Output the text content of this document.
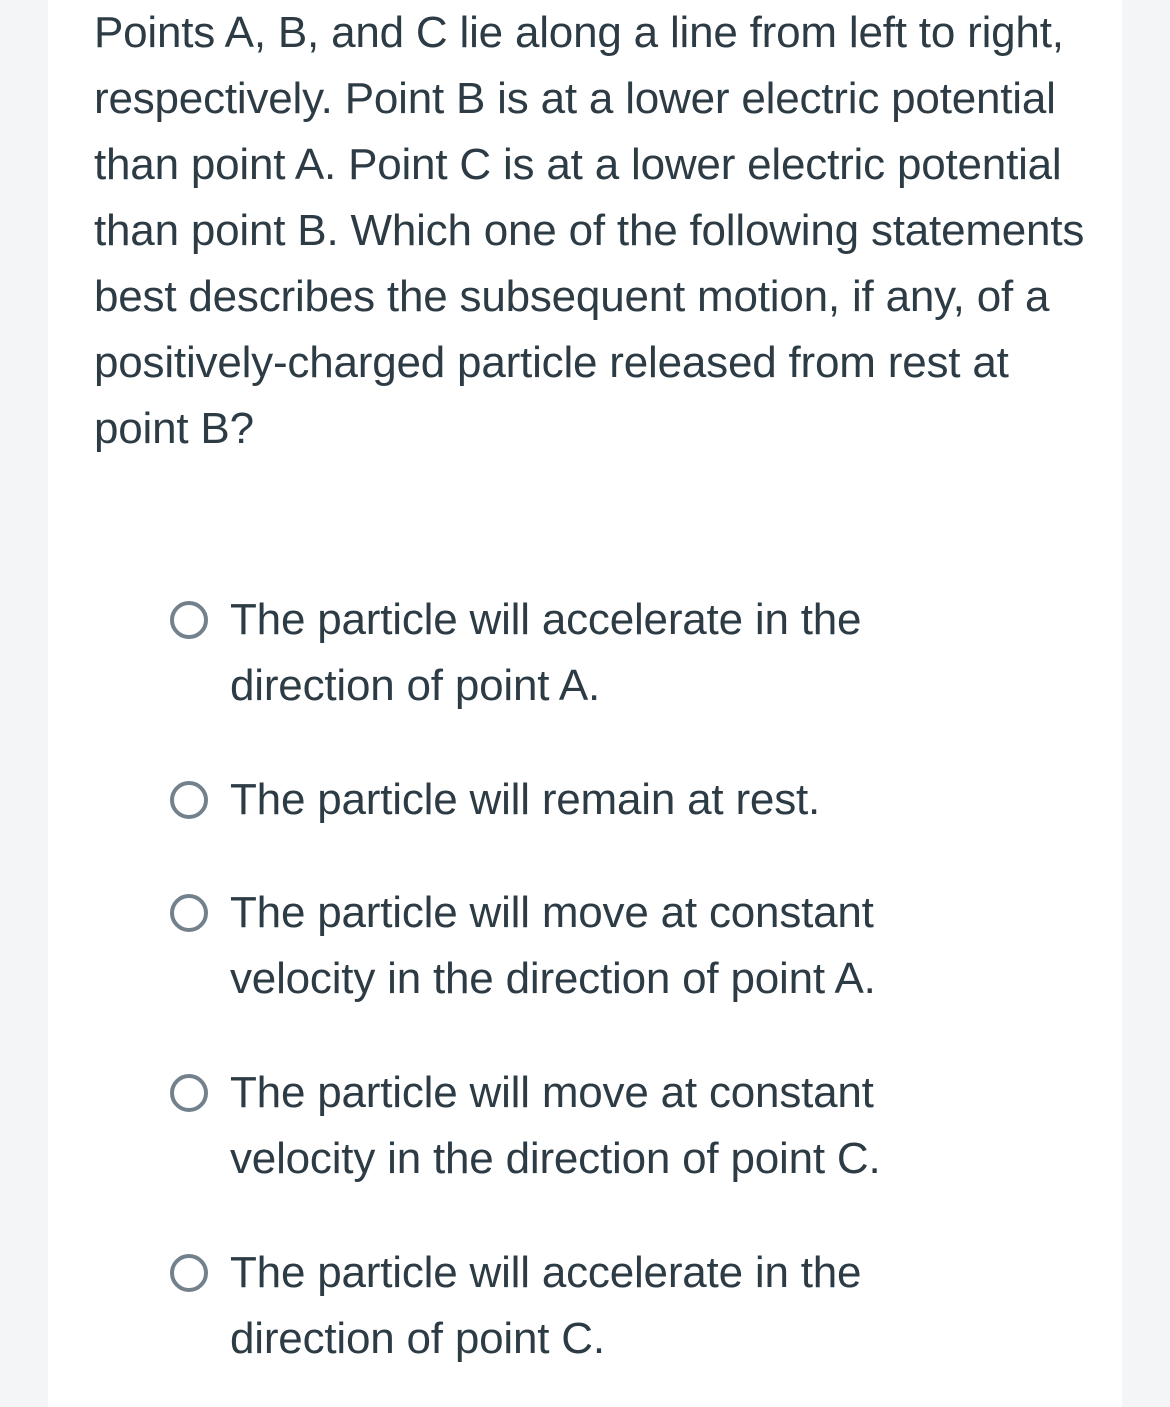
Points A, B, and C lie along a line from left to right, respectively. Point B is at a lower electric potential than point A. Point C is at a lower electric potential than point B. Which one of the following statements best describes the subsequent motion, if any, of a positively-charged particle released from rest at point B?

The particle will accelerate in the direction of point A.
The particle will remain at rest.
The particle will move at constant velocity in the direction of point A.
The particle will move at constant velocity in the direction of point C.
The particle will accelerate in the direction of point C.
